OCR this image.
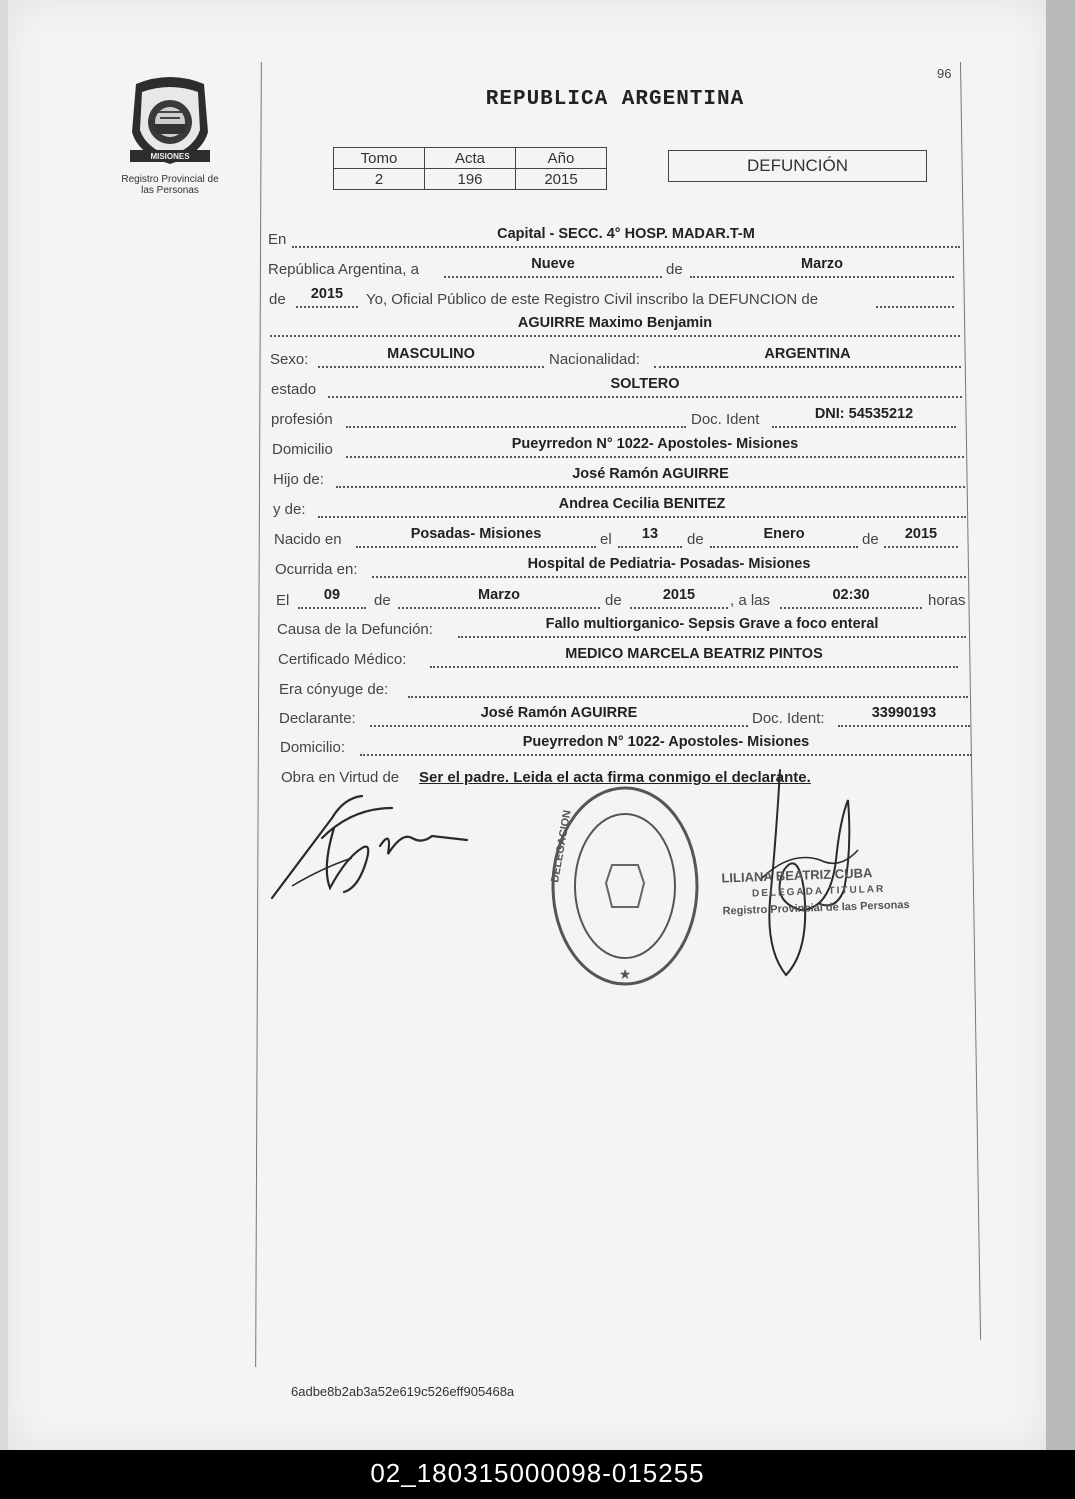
MISIONES
Registro Provincial de
las Personas
96
REPUBLICA ARGENTINA
Tomo	Acta	Año
2	196	2015
DEFUNCIÓN
En	Capital - SECC. 4° HOSP. MADAR.T-M
República Argentina, a	Nueve	de	Marzo
de	2015	Yo, Oficial Público de este Registro Civil inscribo la DEFUNCION de
AGUIRRE Maximo Benjamin
Sexo:	MASCULINO	Nacionalidad:	ARGENTINA
estado	SOLTERO
profesión	Doc. Ident	DNI: 54535212
Domicilio	Pueyrredon N° 1022- Apostoles- Misiones
Hijo de:	José Ramón AGUIRRE
y de:	Andrea Cecilia BENITEZ
Nacido en	Posadas- Misiones	el	13	de	Enero	de	2015
Ocurrida en:	Hospital de Pediatria- Posadas- Misiones
El	09	de	Marzo	de	2015	, a las	02:30	horas
Causa de la Defunción:	Fallo multiorganico- Sepsis Grave a foco enteral
Certificado Médico:	MEDICO MARCELA BEATRIZ PINTOS
Era cónyuge de:
Declarante:	José Ramón AGUIRRE	Doc. Ident:	33990193
Domicilio:	Pueyrredon N° 1022- Apostoles- Misiones
Obra en Virtud de Ser el padre. Leida el acta firma conmigo el declarante.
DELEGACION
★
LILIANA BEATRIZ CUBA
DELEGADA TITULAR
Registro Provincial de las Personas
6adbe8b2ab3a52e619c526eff905468a
02_180315000098-015255
